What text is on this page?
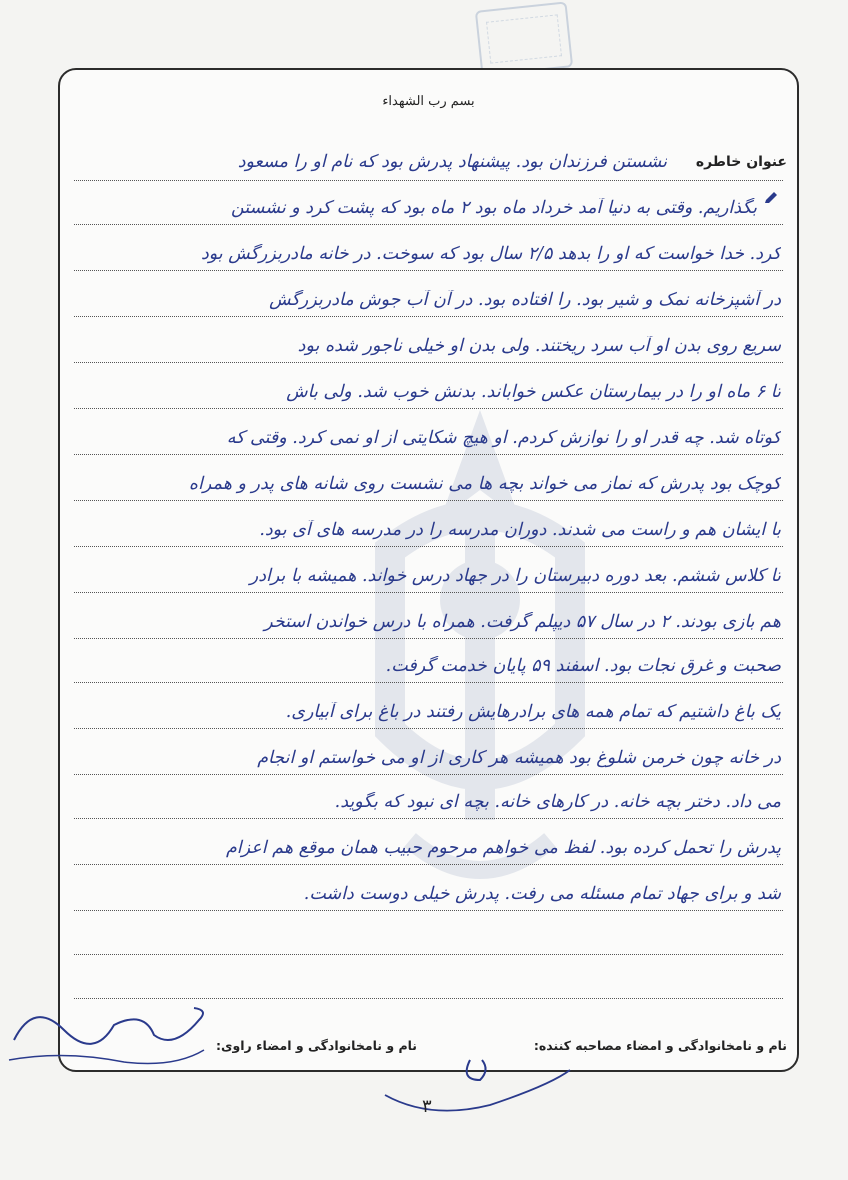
بسم رب الشهداء
عنوان خاطره
نشستن فرزندان بود. پیشنهاد پدرش بود که نام او را مسعود
بگذاریم. وقتی به دنیا آمد خرداد ماه بود ۲ ماه بود که پشت کرد و نشستن
کرد. خدا خواست که او را بدهد ۲/۵ سال بود که سوخت. در خانه مادربزرگش بود
در آشپزخانه نمک و شیر بود. را افتاده بود. در آن آب جوش مادربزرگش
سریع روی بدن او آب سرد ریختند. ولی بدن او خیلی ناجور شده بود
تا ۶ ماه او را در بیمارستان عکس خواباند. بدنش خوب شد. ولی باش
کوتاه شد. چه قدر او را نوازش کردم. او هیچ شکایتی از او نمی کرد. وقتی که
کوچک بود پدرش که نماز می خواند بچه ها می نشست روی شانه های پدر و همراه
با ایشان هم و راست می شدند. دوران مدرسه را در مدرسه های آی بود.
تا کلاس ششم. بعد دوره دبیرستان را در جهاد درس خواند. همیشه با برادر
هم بازی بودند. ۲ در سال ۵۷ دیپلم گرفت. همراه با درس خواندن استخر
صحبت و غرق نجات بود. اسفند ۵۹ پایان خدمت گرفت.
یک باغ داشتیم که تمام همه های برادرهایش رفتند در باغ برای آبیاری.
در خانه چون خرمن شلوغ بود همیشه هر کاری از او می خواستم او انجام
می داد. دختر بچه خانه. در کارهای خانه. بچه ای نبود که بگوید.
پدرش را تحمل کرده بود. لفظ می خواهم مرحوم حبیب همان موقع هم اعزام
شد و برای جهاد تمام مسئله می رفت. پدرش خیلی دوست داشت.
نام و نامخانوادگی و امضاء مصاحبه کننده:
نام و نامخانوادگی و امضاء راوی:
۳
